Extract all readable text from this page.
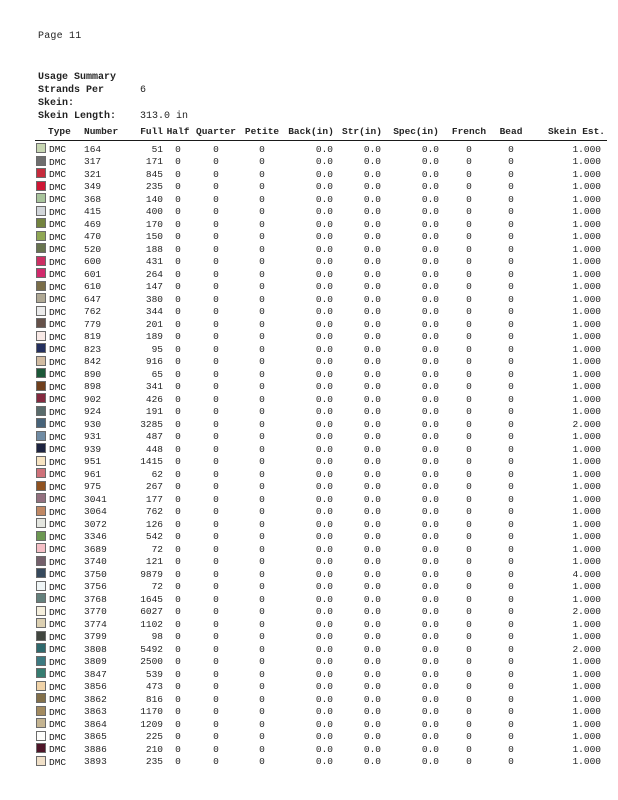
Page 11
Usage Summary
Strands Per Skein:
6
Skein Length:	313.0 in
Type	Number	Full	Half	Quarter	Petite	Back(in)	Str(in)	Spec(in)	French	Bead	Skein Est.
DMC	164	51	0	0	0	0.0	0.0	0.0	0	0	1.000
DMC	317	171	0	0	0	0.0	0.0	0.0	0	0	1.000
DMC	321	845	0	0	0	0.0	0.0	0.0	0	0	1.000
DMC	349	235	0	0	0	0.0	0.0	0.0	0	0	1.000
DMC	368	140	0	0	0	0.0	0.0	0.0	0	0	1.000
DMC	415	400	0	0	0	0.0	0.0	0.0	0	0	1.000
DMC	469	170	0	0	0	0.0	0.0	0.0	0	0	1.000
DMC	470	150	0	0	0	0.0	0.0	0.0	0	0	1.000
DMC	520	188	0	0	0	0.0	0.0	0.0	0	0	1.000
DMC	600	431	0	0	0	0.0	0.0	0.0	0	0	1.000
DMC	601	264	0	0	0	0.0	0.0	0.0	0	0	1.000
DMC	610	147	0	0	0	0.0	0.0	0.0	0	0	1.000
DMC	647	380	0	0	0	0.0	0.0	0.0	0	0	1.000
DMC	762	344	0	0	0	0.0	0.0	0.0	0	0	1.000
DMC	779	201	0	0	0	0.0	0.0	0.0	0	0	1.000
DMC	819	189	0	0	0	0.0	0.0	0.0	0	0	1.000
DMC	823	95	0	0	0	0.0	0.0	0.0	0	0	1.000
DMC	842	916	0	0	0	0.0	0.0	0.0	0	0	1.000
DMC	890	65	0	0	0	0.0	0.0	0.0	0	0	1.000
DMC	898	341	0	0	0	0.0	0.0	0.0	0	0	1.000
DMC	902	426	0	0	0	0.0	0.0	0.0	0	0	1.000
DMC	924	191	0	0	0	0.0	0.0	0.0	0	0	1.000
DMC	930	3285	0	0	0	0.0	0.0	0.0	0	0	2.000
DMC	931	487	0	0	0	0.0	0.0	0.0	0	0	1.000
DMC	939	448	0	0	0	0.0	0.0	0.0	0	0	1.000
DMC	951	1415	0	0	0	0.0	0.0	0.0	0	0	1.000
DMC	961	62	0	0	0	0.0	0.0	0.0	0	0	1.000
DMC	975	267	0	0	0	0.0	0.0	0.0	0	0	1.000
DMC	3041	177	0	0	0	0.0	0.0	0.0	0	0	1.000
DMC	3064	762	0	0	0	0.0	0.0	0.0	0	0	1.000
DMC	3072	126	0	0	0	0.0	0.0	0.0	0	0	1.000
DMC	3346	542	0	0	0	0.0	0.0	0.0	0	0	1.000
DMC	3689	72	0	0	0	0.0	0.0	0.0	0	0	1.000
DMC	3740	121	0	0	0	0.0	0.0	0.0	0	0	1.000
DMC	3750	9879	0	0	0	0.0	0.0	0.0	0	0	4.000
DMC	3756	72	0	0	0	0.0	0.0	0.0	0	0	1.000
DMC	3768	1645	0	0	0	0.0	0.0	0.0	0	0	1.000
DMC	3770	6027	0	0	0	0.0	0.0	0.0	0	0	2.000
DMC	3774	1102	0	0	0	0.0	0.0	0.0	0	0	1.000
DMC	3799	98	0	0	0	0.0	0.0	0.0	0	0	1.000
DMC	3808	5492	0	0	0	0.0	0.0	0.0	0	0	2.000
DMC	3809	2500	0	0	0	0.0	0.0	0.0	0	0	1.000
DMC	3847	539	0	0	0	0.0	0.0	0.0	0	0	1.000
DMC	3856	473	0	0	0	0.0	0.0	0.0	0	0	1.000
DMC	3862	816	0	0	0	0.0	0.0	0.0	0	0	1.000
DMC	3863	1170	0	0	0	0.0	0.0	0.0	0	0	1.000
DMC	3864	1209	0	0	0	0.0	0.0	0.0	0	0	1.000
DMC	3865	225	0	0	0	0.0	0.0	0.0	0	0	1.000
DMC	3886	210	0	0	0	0.0	0.0	0.0	0	0	1.000
DMC	3893	235	0	0	0	0.0	0.0	0.0	0	0	1.000
